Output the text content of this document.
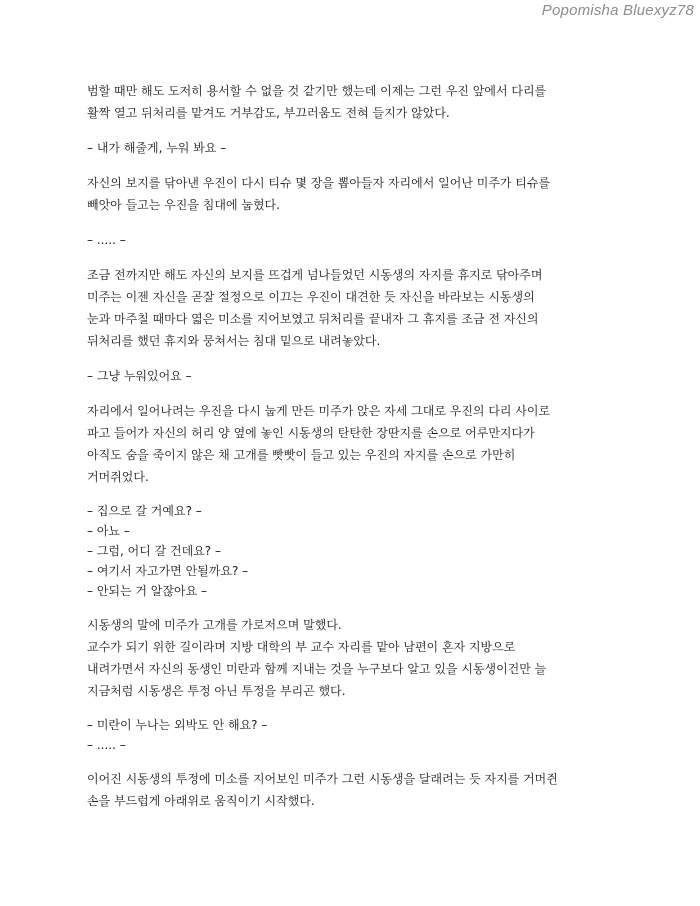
Popomisha Bluexyz78
범할 때만 해도 도저히 용서할 수 없을 것 같기만 했는데 이제는 그런 우진 앞에서 다리를
활짝 열고 뒤처리를 맡겨도 거부감도, 부끄러움도 전혀 들지가 않았다.
– 내가 해줄게, 누워 봐요 –
자신의 보지를 닦아낸 우진이 다시 티슈 몇 장을 뽑아들자 자리에서 일어난 미주가 티슈를
빼앗아 들고는 우진을 침대에 눕혔다.
– ..... –
조금 전까지만 해도 자신의 보지를 뜨겁게 넘나들었던 시동생의 자지를 휴지로 닦아주며
미주는 이젠 자신을 곧잘 절정으로 이끄는 우진이 대견한 듯 자신을 바라보는 시동생의
눈과 마주칠 때마다 엷은 미소를 지어보였고 뒤처리를 끝내자 그 휴지를 조금 전 자신의
뒤처리를 했던 휴지와 뭉쳐서는 침대 밑으로 내려놓았다.
– 그냥 누워있어요 –
자리에서 일어나려는 우진을 다시 눕게 만든 미주가 앉은 자세 그대로 우진의 다리 사이로
파고 들어가 자신의 허리 양 옆에 놓인 시동생의 탄탄한 장딴지를 손으로 어루만지다가
아직도 숨을 죽이지 않은 채 고개를 빳빳이 들고 있는 우진의 자지를 손으로 가만히
거머쥐었다.
– 집으로 갈 거예요? –
– 아뇨 –
– 그럼, 어디 갈 건데요? –
– 여기서 자고가면 안될까요? –
– 안되는 거 알잖아요 –
시동생의 말에 미주가 고개를 가로저으며 말했다.
교수가 되기 위한 길이라며 지방 대학의 부 교수 자리를 맡아 남편이 혼자 지방으로
내려가면서 자신의 동생인 미란과 함께 지내는 것을 누구보다 알고 있을 시동생이건만 늘
지금처럼 시동생은 투정 아닌 투정을 부리곤 했다.
– 미란이 누나는 외박도 안 해요? –
– ..... –
이어진 시동생의 투정에 미소를 지어보인 미주가 그런 시동생을 달래려는 듯 자지를 거머쥔
손을 부드럽게 아래위로 움직이기 시작했다.
